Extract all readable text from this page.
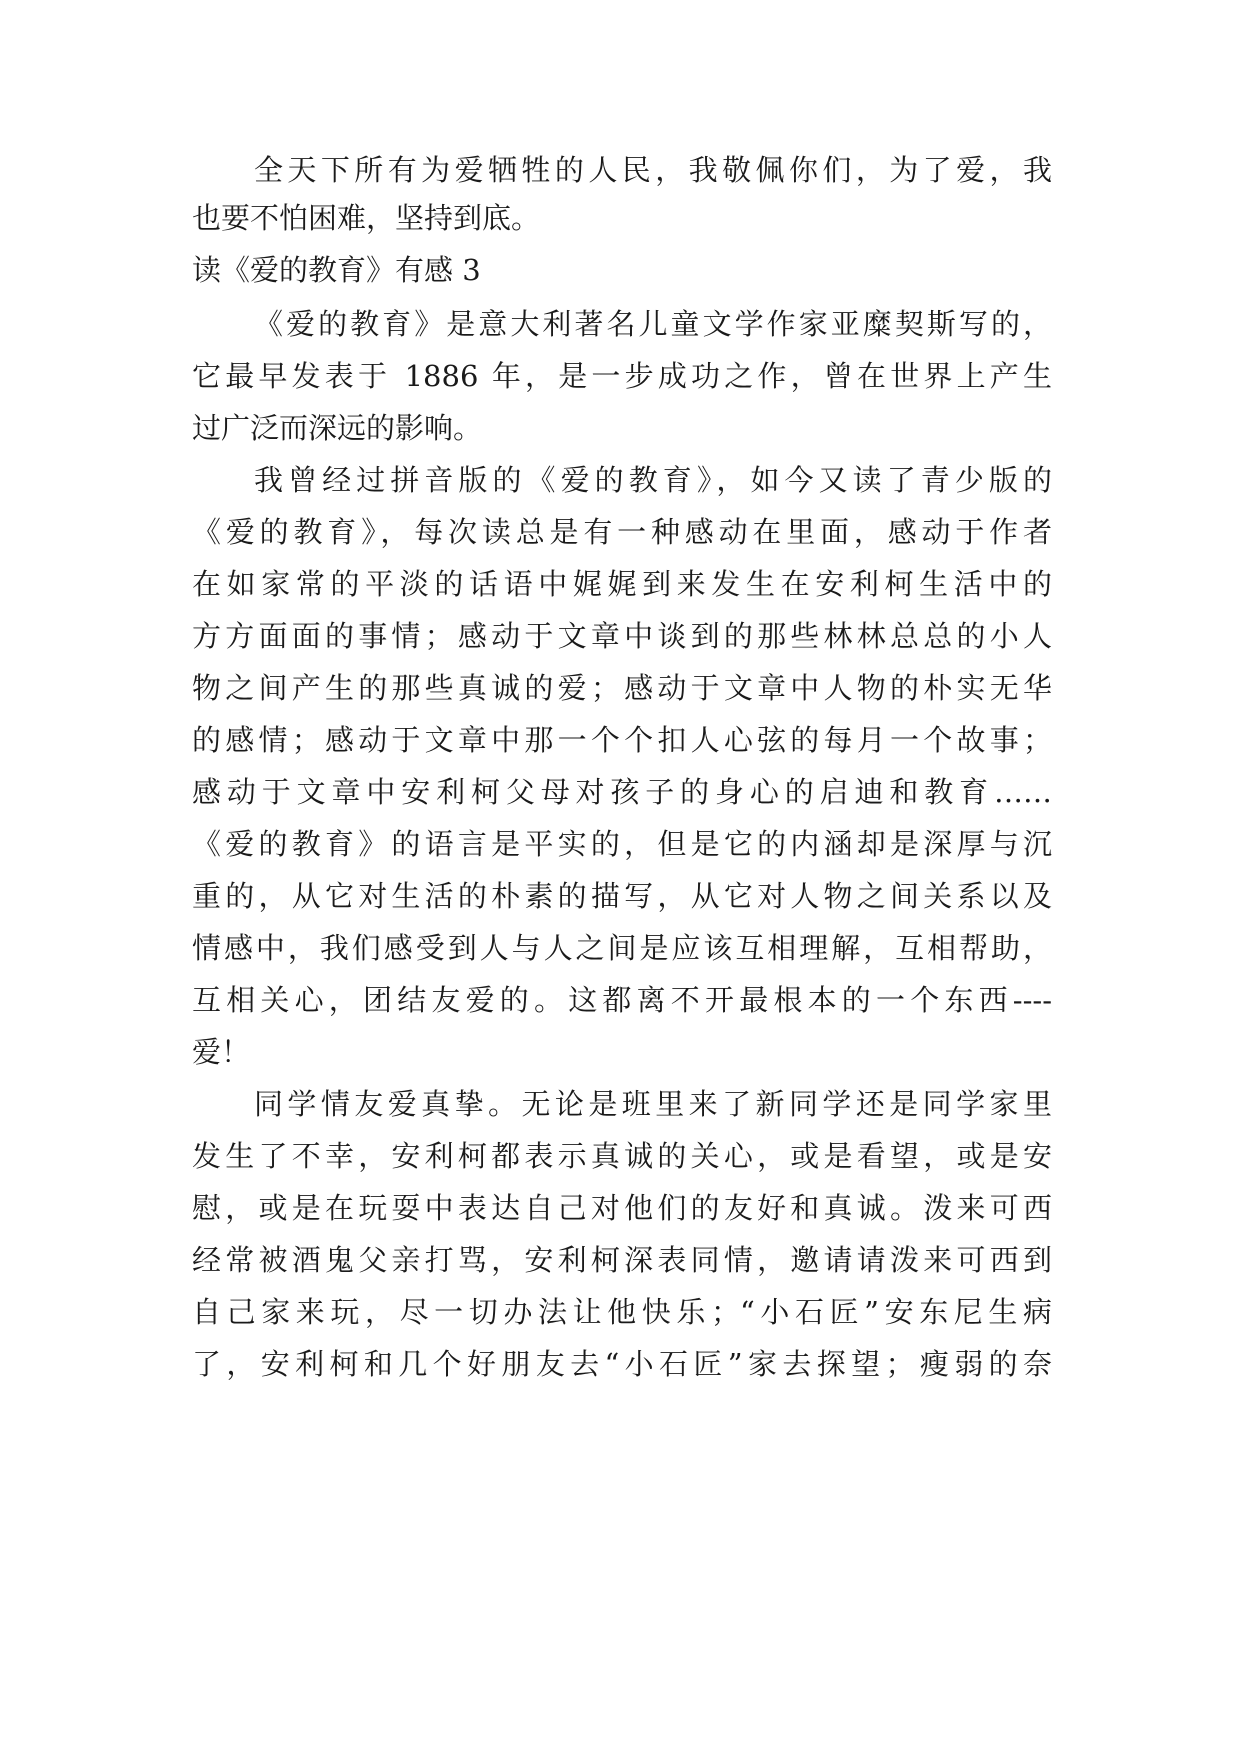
全天下所有为爱牺牲的人民，我敬佩你们，为了爱，我
也要不怕困难，坚持到底。
读《爱的教育》有感 3
《爱的教育》是意大利著名儿童文学作家亚糜契斯写的，
它最早发表于 1886 年，是一步成功之作，曾在世界上产生
过广泛而深远的影响。
我曾经过拼音版的《爱的教育》，如今又读了青少版的
《爱的教育》，每次读总是有一种感动在里面，感动于作者
在如家常的平淡的话语中娓娓到来发生在安利柯生活中的
方方面面的事情；感动于文章中谈到的那些林林总总的小人
物之间产生的那些真诚的爱；感动于文章中人物的朴实无华
的感情；感动于文章中那一个个扣人心弦的每月一个故事；
感动于文章中安利柯父母对孩子的身心的启迪和教育……
《爱的教育》的语言是平实的，但是它的内涵却是深厚与沉
重的，从它对生活的朴素的描写，从它对人物之间关系以及
情感中，我们感受到人与人之间是应该互相理解，互相帮助，
互相关心，团结友爱的。这都离不开最根本的一个东西----
爱！
同学情友爱真挚。无论是班里来了新同学还是同学家里
发生了不幸，安利柯都表示真诚的关心，或是看望，或是安
慰，或是在玩耍中表达自己对他们的友好和真诚。泼来可西
经常被酒鬼父亲打骂，安利柯深表同情，邀请请泼来可西到
自己家来玩，尽一切办法让他快乐；“小石匠”安东尼生病
了，安利柯和几个好朋友去“小石匠”家去探望；瘦弱的奈
